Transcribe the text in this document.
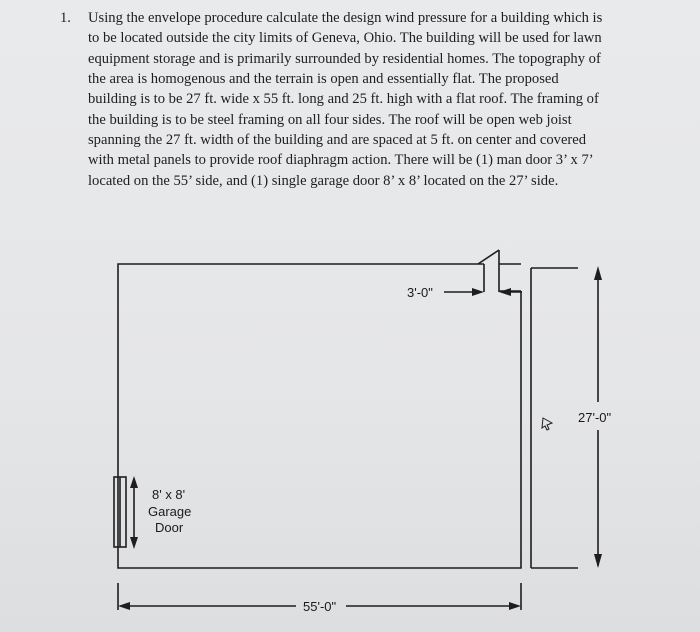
1. Using the envelope procedure calculate the design wind pressure for a building which is
to be located outside the city limits of Geneva, Ohio. The building will be used for lawn
equipment storage and is primarily surrounded by residential homes. The topography of
the area is homogenous and the terrain is open and essentially flat. The proposed
building is to be 27 ft. wide x 55 ft. long and 25 ft. high with a flat roof. The framing of
the building is to be steel framing on all four sides. The roof will be open web joist
spanning the 27 ft. width of the building and are spaced at 5 ft. on center and covered
with metal panels to provide roof diaphragm action. There will be (1) man door 3’ x 7’
located on the 55’ side, and (1) single garage door 8’ x 8’ located on the 27’ side.
3'-0"
27'-0"
55'-0"
8' x 8'
Garage
Door
